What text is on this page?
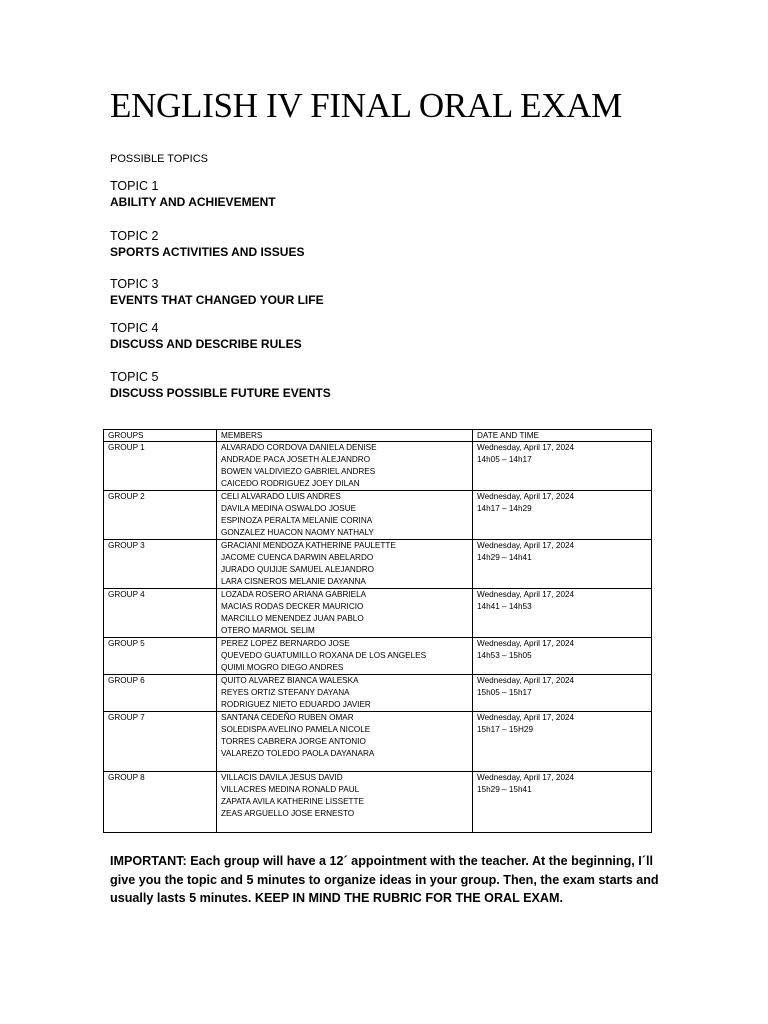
ENGLISH IV FINAL ORAL EXAM

POSSIBLE TOPICS

TOPIC 1
ABILITY AND ACHIEVEMENT
TOPIC 2
SPORTS ACTIVITIES AND ISSUES
TOPIC 3
EVENTS THAT CHANGED YOUR LIFE
TOPIC 4
DISCUSS AND DESCRIBE RULES
TOPIC 5
DISCUSS POSSIBLE FUTURE EVENTS
GROUPS	MEMBERS	DATE AND TIME

GROUP 1	ALVARADO CORDOVA DANIELA DENISE
ANDRADE PACA JOSETH ALEJANDRO
BOWEN VALDIVIEZO GABRIEL ANDRES
CAICEDO RODRIGUEZ JOEY DILAN	Wednesday, April 17, 2024
14h05 – 14h17

GROUP 2	CELI ALVARADO LUIS ANDRES
DAVILA MEDINA OSWALDO JOSUE
ESPINOZA PERALTA MELANIE CORINA
GONZALEZ HUACON NAOMY NATHALY	Wednesday, April 17, 2024
14h17 – 14h29

GROUP 3	GRACIANI MENDOZA KATHERINE PAULETTE
JACOME CUENCA DARWIN ABELARDO
JURADO QUIJIJE SAMUEL ALEJANDRO
LARA CISNEROS MELANIE DAYANNA	Wednesday, April 17, 2024
14h29 – 14h41

GROUP 4	LOZADA ROSERO ARIANA GABRIELA
MACIAS RODAS DECKER MAURICIO
MARCILLO MENENDEZ JUAN PABLO
OTERO MARMOL SELIM	Wednesday, April 17, 2024
14h41 – 14h53

GROUP 5	PEREZ LOPEZ BERNARDO JOSE
QUEVEDO GUATUMILLO ROXANA DE LOS ANGELES
QUIMI MOGRO DIEGO ANDRES	Wednesday, April 17, 2024
14h53 – 15h05

GROUP 6	QUITO ALVAREZ BIANCA WALESKA
REYES ORTIZ STEFANY DAYANA
RODRIGUEZ NIETO EDUARDO JAVIER	Wednesday, April 17, 2024
15h05 – 15h17

GROUP 7	SANTANA CEDEÑO RUBEN OMAR
SOLEDISPA AVELINO PAMELA NICOLE
TORRES CABRERA JORGE ANTONIO
VALAREZO TOLEDO PAOLA DAYANARA	Wednesday, April 17, 2024
15h17 – 15H29

GROUP 8	VILLACIS DAVILA JESUS DAVID
VILLACRES MEDINA RONALD PAUL
ZAPATA AVILA KATHERINE LISSETTE
ZEAS ARGUELLO JOSE ERNESTO	Wednesday, April 17, 2024
15h29 – 15h41

IMPORTANT: Each group will have a 12´ appointment with the teacher. At the beginning, I´ll give you the topic and 5 minutes to organize ideas in your group. Then, the exam starts and usually lasts 5 minutes. KEEP IN MIND THE RUBRIC FOR THE ORAL EXAM.
